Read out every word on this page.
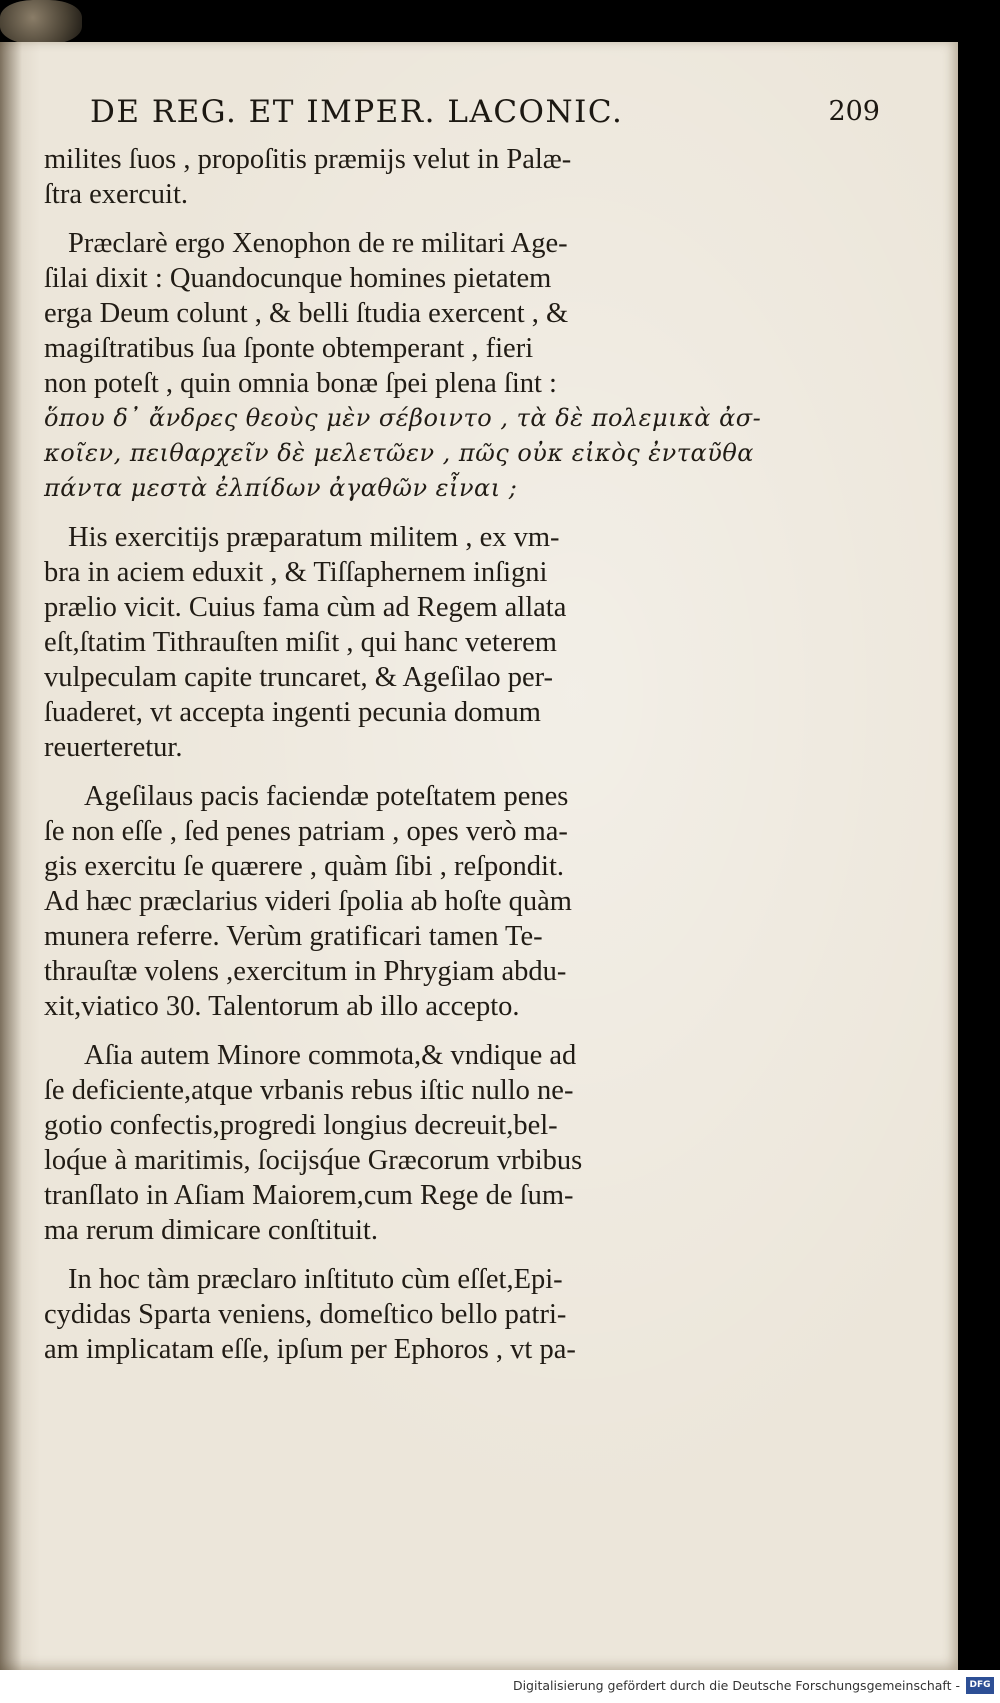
DE REG. ET IMPER. LACONIC.	209

milites ſuos , propoſitis præmijs velut in Palæ-
ſtra exercuit.

Præclarè ergo Xenophon de re militari Age-
ſilai dixit : Quandocunque homines pietatem
erga Deum colunt , & belli ſtudia exercent , &
magiſtratibus ſua ſponte obtemperant , fieri
non poteſt , quin omnia bonæ ſpei plena ſint :
ὅπου δ᾽ ἄνδρες θεοὺς μὲν σέβοιντο , τὰ δὲ πολεμικὰ ἀσ-
κοῖεν, πειθαρχεῖν δὲ μελετῶεν , πῶς οὐκ εἰκὸς ἐνταῦθα
πάντα μεστὰ ἐλπίδων ἀγαθῶν εἶναι ;

His exercitijs præparatum militem , ex vm-
bra in aciem eduxit , & Tiſſaphernem inſigni
prælio vicit. Cuius fama cùm ad Regem allata
eſt,ſtatim Tithrauſten miſit , qui hanc veterem
vulpeculam capite truncaret, & Ageſilao per-
ſuaderet, vt accepta ingenti pecunia domum
reuerteretur.

Ageſilaus pacis faciendæ poteſtatem penes
ſe non eſſe , ſed penes patriam , opes verò ma-
gis exercitu ſe quærere , quàm ſibi , reſpondit.
Ad hæc præclarius videri ſpolia ab hoſte quàm
munera referre. Verùm gratificari tamen Te-
thrauſtæ volens ,exercitum in Phrygiam abdu-
xit,viatico 30. Talentorum ab illo accepto.

Aſia autem Minore commota,& vndique ad
ſe deficiente,atque vrbanis rebus iſtic nullo ne-
gotio confectis,progredi longius decreuit,bel-
loq́ue à maritimis, ſocijsq́ue Græcorum vrbibus
tranſlato in Aſiam Maiorem,cum Rege de ſum-
ma rerum dimicare conſtituit.

In hoc tàm præclaro inſtituto cùm eſſet,Epi-
cydidas Sparta veniens, domeſtico bello patri-
am implicatam eſſe, ipſum per Ephoros , vt pa-

Digitalisierung gefördert durch die Deutsche Forschungsgemeinschaft -	DFG
